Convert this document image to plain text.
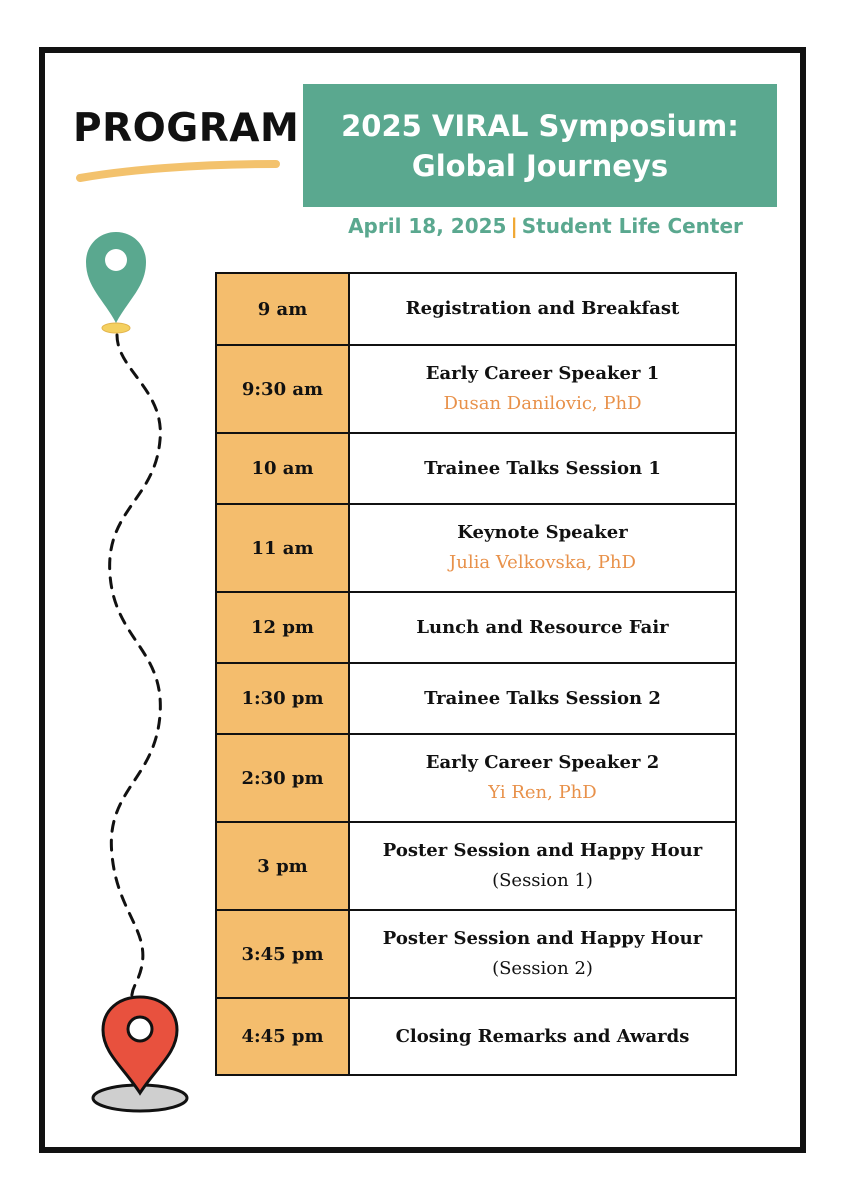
PROGRAM 2025 VIRAL Symposium:
Global Journeys
April 18, 2025 | Student Life Center
9 am	Registration and Breakfast

9:30 am	Early Career Speaker 1
Dusan Danilovic, PhD

10 am	Trainee Talks Session 1

11 am	Keynote Speaker
Julia Velkovska, PhD

12 pm	Lunch and Resource Fair

1:30 pm	Trainee Talks Session 2

2:30 pm	Early Career Speaker 2
Yi Ren, PhD

3 pm	Poster Session and Happy Hour
(Session 1)

3:45 pm	Poster Session and Happy Hour
(Session 2)

4:45 pm	Closing Remarks and Awards
